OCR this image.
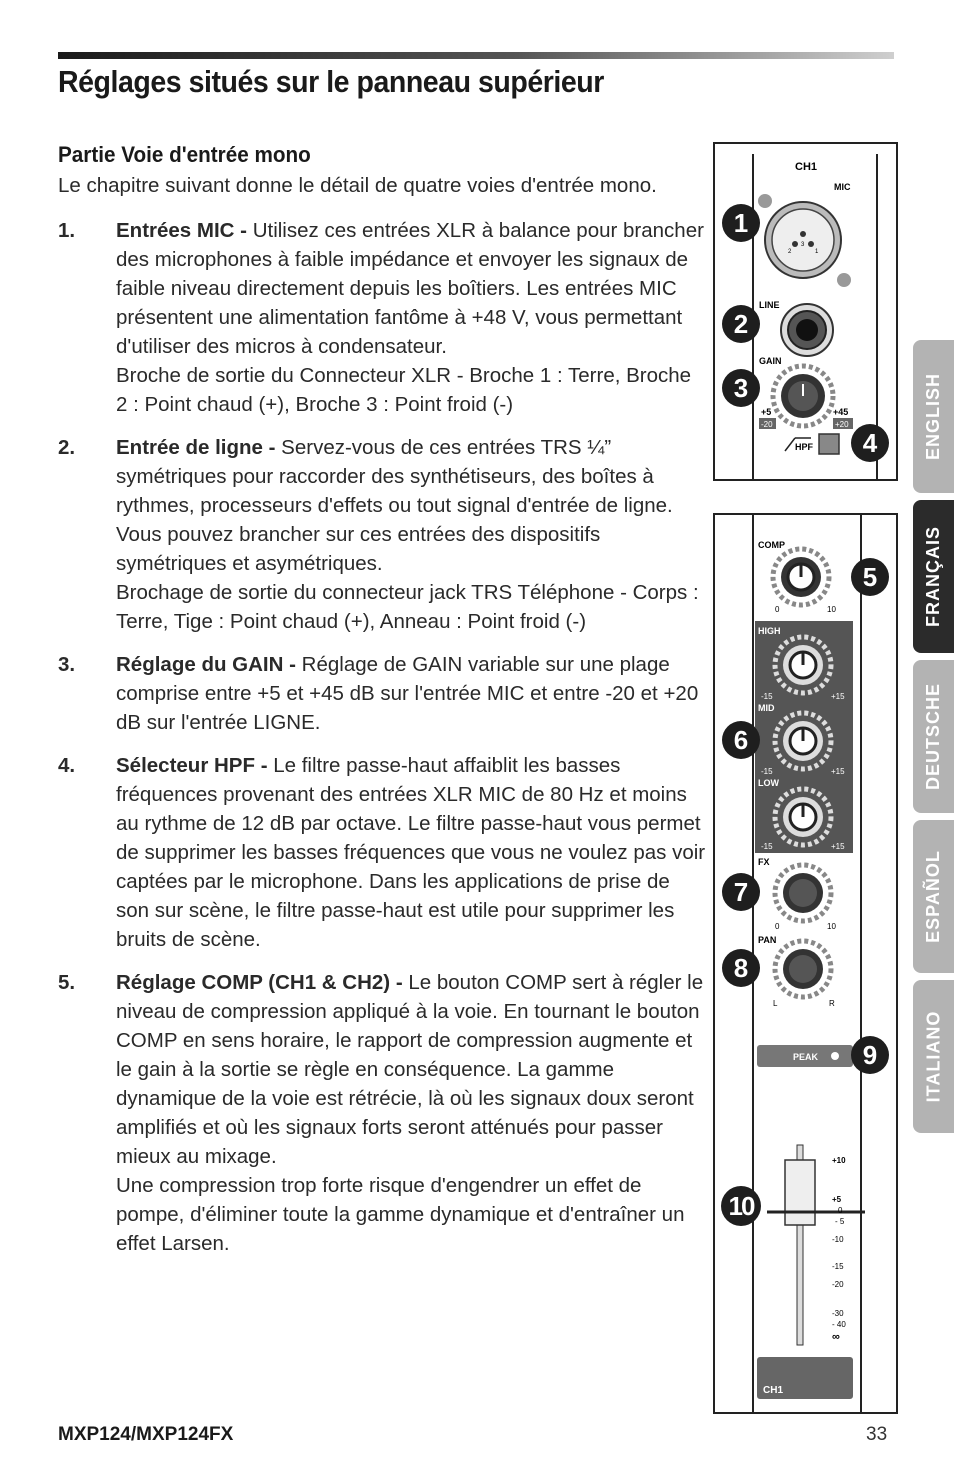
Réglages situés sur le panneau supérieur
Partie Voie d'entrée mono

Le chapitre suivant donne le détail de quatre voies d'entrée mono.

1.	Entrées MIC - Utilisez ces entrées XLR à balance pour brancher des microphones à faible impédance et envoyer les signaux de faible niveau directement depuis les boîtiers. Les entrées MIC présentent une alimentation fantôme à +48 V, vous permettant d'utiliser des micros à condensateur.
Broche de sortie du Connecteur XLR - Broche 1 : Terre, Broche 2 : Point chaud (+), Broche 3 : Point froid (-)
2.	Entrée de ligne - Servez-vous de ces entrées TRS ¼” symétriques pour raccorder des synthétiseurs, des boîtes à rythmes, processeurs d'effets ou tout signal d'entrée de ligne. Vous pouvez brancher sur ces entrées des dispositifs symétriques et asymétriques.
Brochage de sortie du connecteur jack TRS Téléphone - Corps : Terre, Tige : Point chaud (+), Anneau : Point froid (-)
3.	Réglage du GAIN - Réglage de GAIN variable sur une plage comprise entre +5 et +45 dB sur l'entrée MIC et entre -20 et +20 dB sur l'entrée LIGNE.
4.	Sélecteur HPF - Le filtre passe-haut affaiblit les basses fréquences provenant des entrées XLR MIC de 80 Hz et moins au rythme de 12 dB par octave. Le filtre passe-haut vous permet de supprimer les basses fréquences que vous ne voulez pas voir captées par le microphone. Dans les applications de prise de son sur scène, le filtre passe-haut est utile pour supprimer les bruits de scène.
5.	Réglage COMP (CH1 & CH2) - Le bouton COMP sert à régler le niveau de compression appliqué à la voie. En tournant le bouton COMP en sens horaire, le rapport de compression augmente et le gain à la sortie se règle en conséquence. La gamme dynamique de la voie est rétrécie, là où les signaux doux seront amplifiés et où les signaux forts seront atténués pour passer mieux au mixage.
Une compression trop forte risque d'engendrer un effet de pompe, d'éliminer toute la gamme dynamique et d'entraîner un effet Larsen.
ENGLISH
FRANÇAIS
DEUTSCHE
ESPAÑOL
ITALIANO
CH1
MIC
2
3
1
LINE
GAIN
+5	+45
-20	+20
HPF
1
2
3
4
COMP
0	10
HIGH
-15	+15
MID
-15	+15
LOW
-15	+15
FX
0	10
PAN
L	R
PEAK
+10
+5
0
- 5
-10
-15
-20
-30
- 40
∞
CH1
5
6
7
8
9
10
MXP124/MXP124FX	33
